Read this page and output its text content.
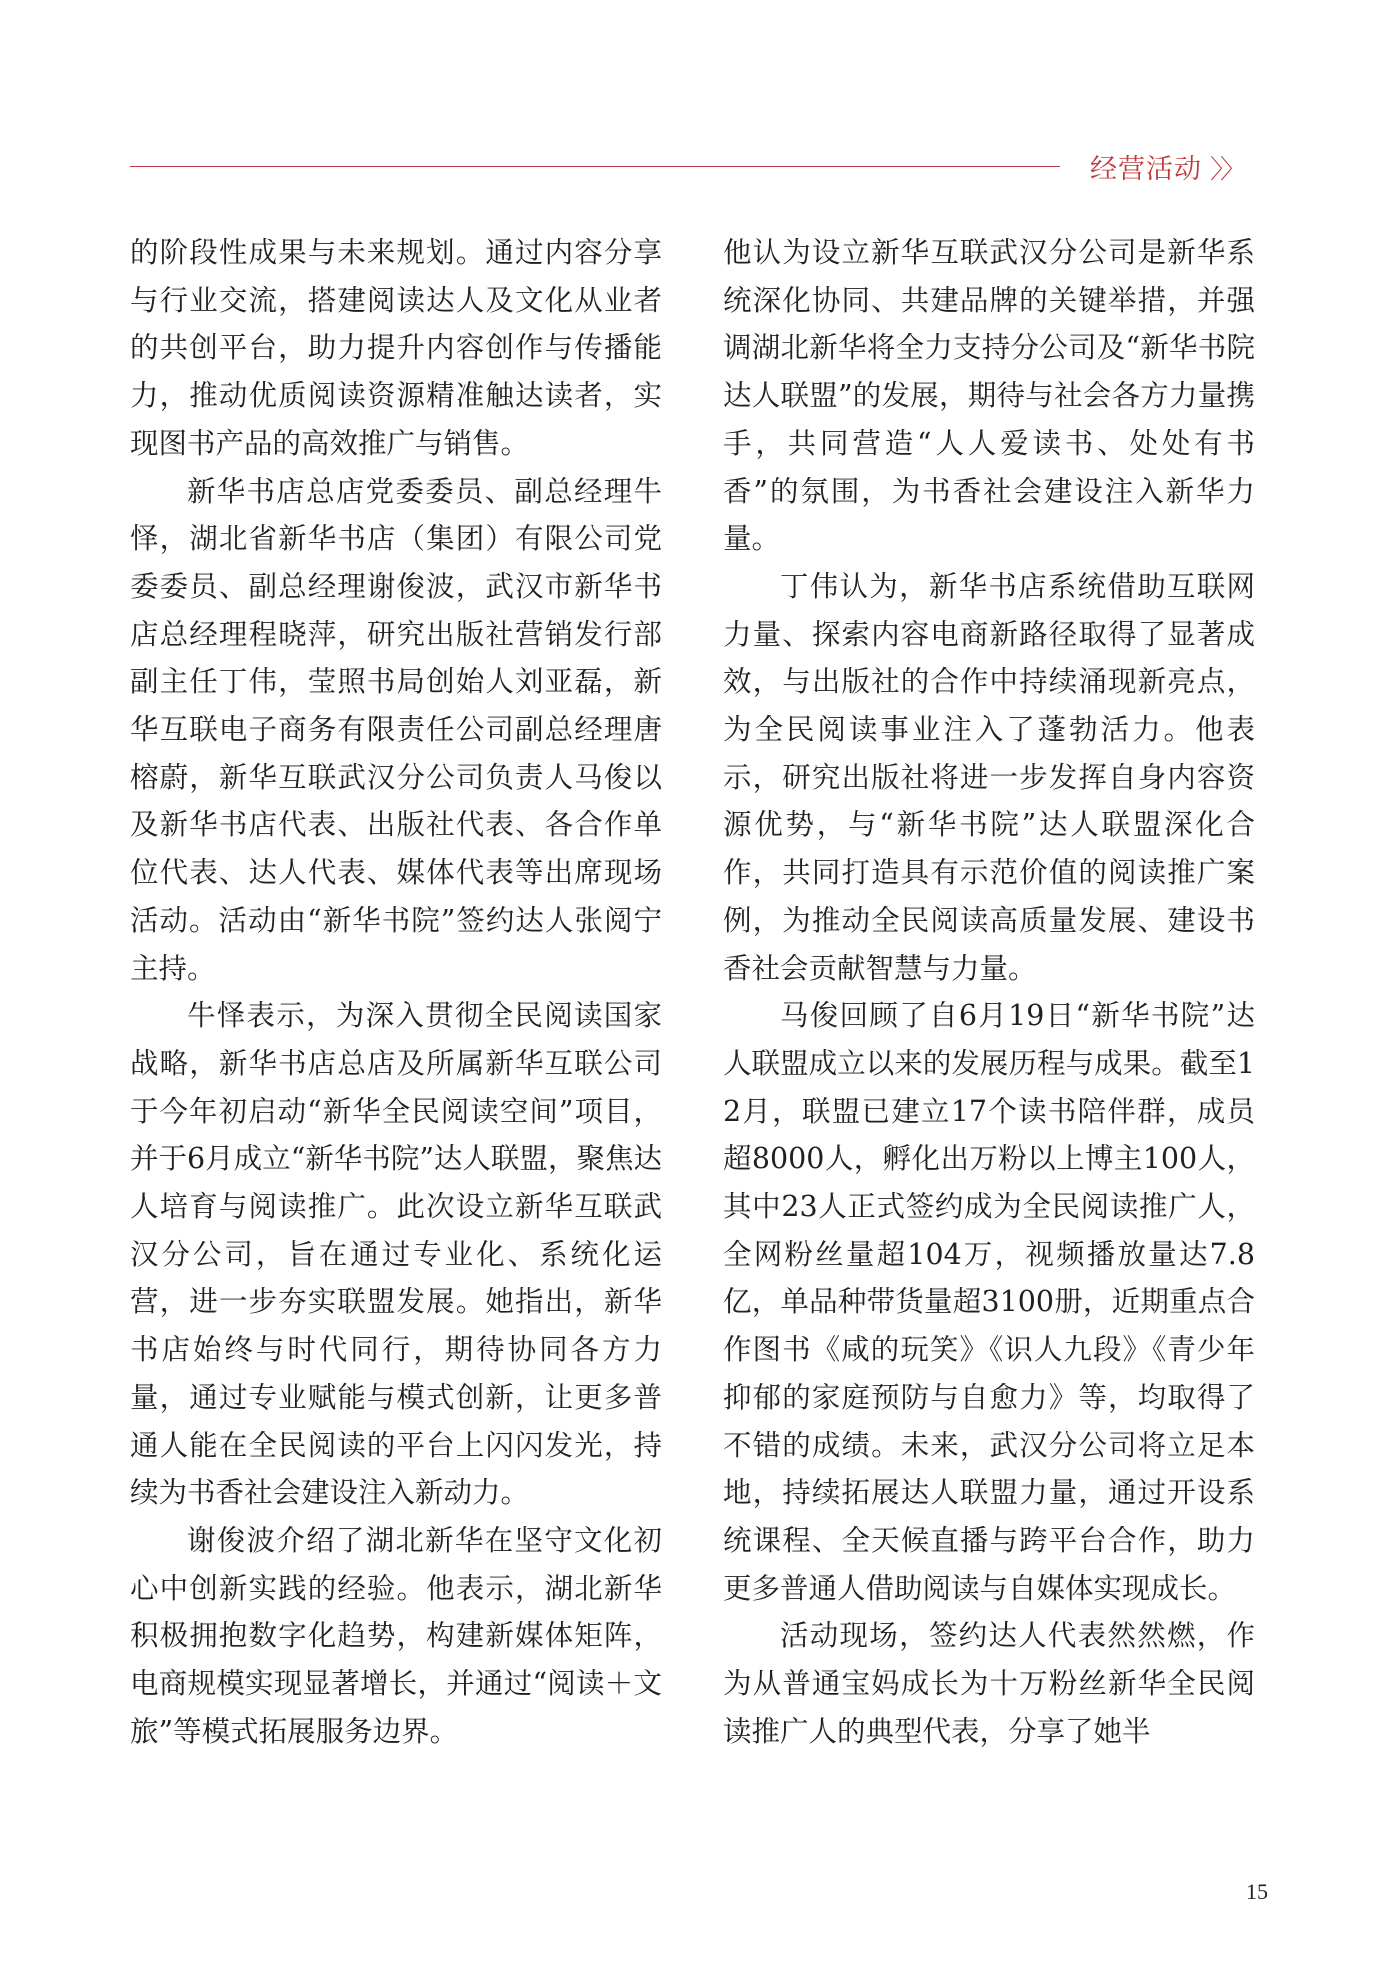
经营活动 〉〉

的阶段性成果与未来规划。通过内容分享与行业交流，搭建阅读达人及文化从业者的共创平台，助力提升内容创作与传播能力，推动优质阅读资源精准触达读者，实现图书产品的高效推广与销售。

新华书店总店党委委员、副总经理牛怿，湖北省新华书店（集团）有限公司党委委员、副总经理谢俊波，武汉市新华书店总经理程晓萍，研究出版社营销发行部副主任丁伟，莹照书局创始人刘亚磊，新华互联电子商务有限责任公司副总经理唐榕蔚，新华互联武汉分公司负责人马俊以及新华书店代表、出版社代表、各合作单位代表、达人代表、媒体代表等出席现场活动。活动由“新华书院”签约达人张阅宁主持。

牛怿表示，为深入贯彻全民阅读国家战略，新华书店总店及所属新华互联公司于今年初启动“新华全民阅读空间”项目，并于6月成立“新华书院”达人联盟，聚焦达人培育与阅读推广。此次设立新华互联武汉分公司，旨在通过专业化、系统化运营，进一步夯实联盟发展。她指出，新华书店始终与时代同行，期待协同各方力量，通过专业赋能与模式创新，让更多普通人能在全民阅读的平台上闪闪发光，持续为书香社会建设注入新动力。

谢俊波介绍了湖北新华在坚守文化初心中创新实践的经验。他表示，湖北新华积极拥抱数字化趋势，构建新媒体矩阵，电商规模实现显著增长，并通过“阅读＋文旅”等模式拓展服务边界。

他认为设立新华互联武汉分公司是新华系统深化协同、共建品牌的关键举措，并强调湖北新华将全力支持分公司及“新华书院达人联盟”的发展，期待与社会各方力量携手，共同营造“人人爱读书、处处有书香”的氛围，为书香社会建设注入新华力量。

丁伟认为，新华书店系统借助互联网力量、探索内容电商新路径取得了显著成效，与出版社的合作中持续涌现新亮点，为全民阅读事业注入了蓬勃活力。他表示，研究出版社将进一步发挥自身内容资源优势，与“新华书院”达人联盟深化合作，共同打造具有示范价值的阅读推广案例，为推动全民阅读高质量发展、建设书香社会贡献智慧与力量。

马俊回顾了自6月19日“新华书院”达人联盟成立以来的发展历程与成果。截至12月，联盟已建立17个读书陪伴群，成员超8000人，孵化出万粉以上博主100人，其中23人正式签约成为全民阅读推广人，全网粉丝量超104万，视频播放量达7.8亿，单品种带货量超3100册，近期重点合作图书《咸的玩笑》《识人九段》《青少年抑郁的家庭预防与自愈力》等，均取得了不错的成绩。未来，武汉分公司将立足本地，持续拓展达人联盟力量，通过开设系统课程、全天候直播与跨平台合作，助力更多普通人借助阅读与自媒体实现成长。

活动现场，签约达人代表然然燃，作为从普通宝妈成长为十万粉丝新华全民阅读推广人的典型代表，分享了她半

15
